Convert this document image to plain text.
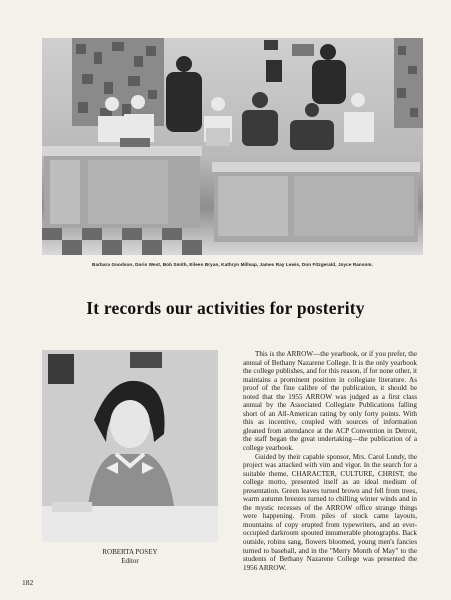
Barbara Goodson, Doris West, Bob Smith, Eileen Bryan, Kathryn Millsap, James Ray Lewis, Don Fitzgerald, Joyce Ransom.
It records our activities for posterity
ROBERTA POSEY
Editor

This is the ARROW—the yearbook, or if you prefer, the annual of Bethany Nazarene College. It is the only yearbook the college publishes, and for this reason, if for none other, it maintains a prominent position in collegiate literature. As proof of the fine calibre of the publication, it should be noted that the 1955 ARROW was judged as a first class annual by the Associated Collegiate Publications falling short of an All-American rating by only forty points. With this as incentive, coupled with sources of information gleaned from attendance at the ACP Convention in Detroit, the staff began the great undertaking—the publication of a college yearbook.

Guided by their capable sponsor, Mrs. Carol Lundy, the project was attacked with vim and vigor. In the search for a suitable theme, CHARACTER, CULTURE, CHRIST, the college motto, presented itself as an ideal medium of presentation. Green leaves turned brown and fell from trees, warm autumn breezes turned to chilling winter winds and in the mystic recesses of the ARROW office strange things were happening. From piles of stock came layouts, mountains of copy erupted from typewriters, and an ever-occupied darkroom spouted innumerable photographs. Back outside, robins sang, flowers bloomed, young men's fancies turned to baseball, and in the "Merry Month of May" to the students of Bethany Nazarene College was presented the 1956 ARROW.

182
